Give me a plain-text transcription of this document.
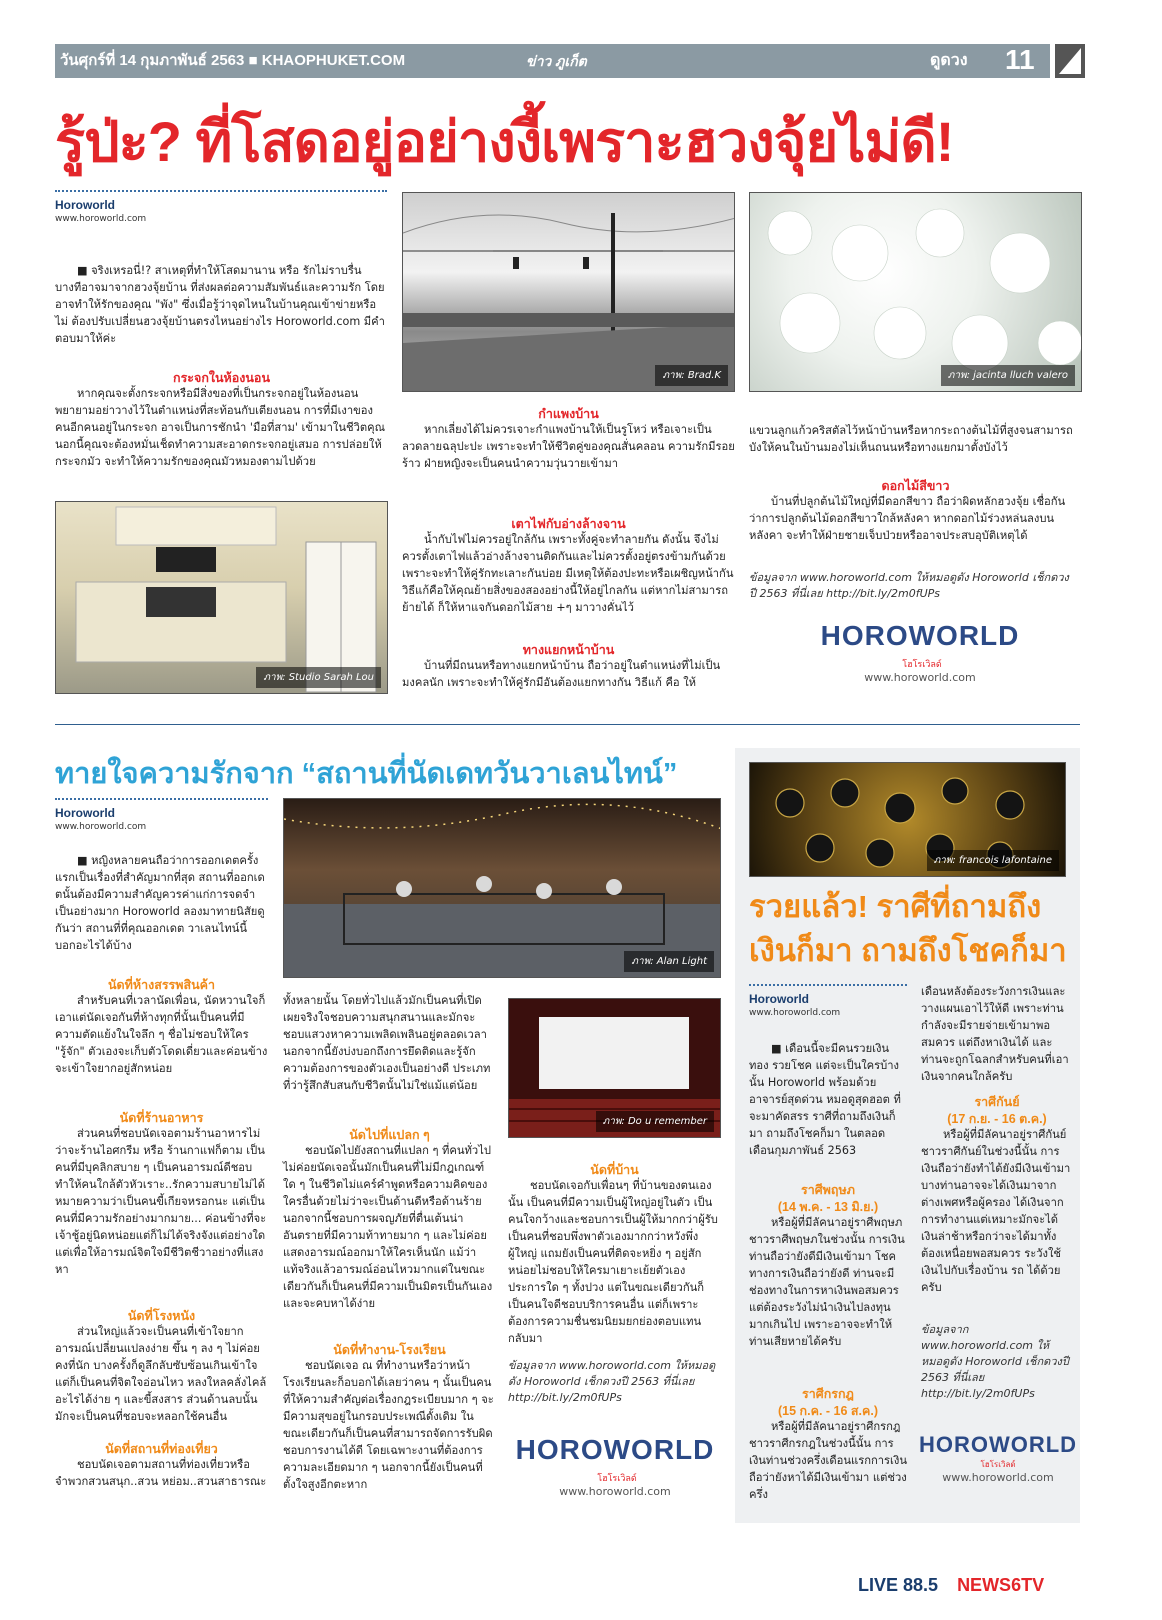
วันศุกร์ที่ 14 กุมภาพันธ์ 2563 ■ KHAOPHUKET.COM	ข่าว ภูเก็ต	ดูดวง 11
รู้ป่ะ? ที่โสดอยู่อย่างงี้เพราะฮวงจุ้ยไม่ดี!
Horoworld
www.horoworld.com
■ จริงเหรอนี่!? สาเหตุที่ทำให้โสดมานาน หรือ รักไม่ราบรื่น บางทีอาจมาจากฮวงจุ้ยบ้าน ที่ส่งผลต่อความสัมพันธ์และความรัก โดยอาจทำให้รักของคุณ "พัง" ซึ่งเมื่อรู้ว่าจุดไหนในบ้านคุณเข้าข่ายหรือไม่ ต้องปรับเปลี่ยนฮวงจุ้ยบ้านตรงไหนอย่างไร Horoworld.com มีคำตอบมาให้ค่ะ
กระจกในห้องนอน
หากคุณจะตั้งกระจกหรือมีสิ่งของที่เป็นกระจกอยู่ในห้องนอน พยายามอย่าวางไว้ในตำแหน่งที่สะท้อนกับเตียงนอน การที่มีเงาของคนอีกคนอยู่ในกระจก อาจเป็นการชักนำ 'มือที่สาม' เข้ามาในชีวิตคุณ นอกนี้คุณจะต้องหมั่นเช็ดทำความสะอาดกระจกอยู่เสมอ การปล่อยให้กระจกมัว จะทำให้ความรักของคุณมัวหมองตามไปด้วย
ภาพ: Studio Sarah Lou
ภาพ: Brad.K
กำแพงบ้าน
หากเลี่ยงได้ไม่ควรเจาะกำแพงบ้านให้เป็นรูโหว่ หรือเจาะเป็นลวดลายฉลุปะปะ เพราะจะทำให้ชีวิตคู่ของคุณสั่นคลอน ความรักมีรอยร้าว ฝ่ายหญิงจะเป็นคนนำความวุ่นวายเข้ามา
เตาไฟกับอ่างล้างจาน
น้ำกับไฟไม่ควรอยู่ใกล้กัน เพราะทั้งคู่จะทำลายกัน ดังนั้น จึงไม่ควรตั้งเตาไฟแล้วอ่างล้างจานติดกันและไม่ควรตั้งอยู่ตรงข้ามกันด้วย เพราะจะทำให้คู่รักทะเลาะกันบ่อย มีเหตุให้ต้องปะทะหรือเผชิญหน้ากัน วิธีแก้คือให้คุณย้ายสิ่งของสองอย่างนี้ให้อยู่ไกลกัน แต่หากไม่สามารถย้ายได้ ก็ให้หาแจกันดอกไม้สาย +ๆ มาวางคั่นไว้
ทางแยกหน้าบ้าน
บ้านที่มีถนนหรือทางแยกหน้าบ้าน ถือว่าอยู่ในตำแหน่งที่ไม่เป็นมงคลนัก เพราะจะทำให้คู่รักมีอันต้องแยกทางกัน วิธีแก้ คือ ให้
ภาพ: jacinta lluch valero
แขวนลูกแก้วคริสตัลไว้หน้าบ้านหรือหากระถางต้นไม้ที่สูงจนสามารถบังให้คนในบ้านมองไม่เห็นถนนหรือทางแยกมาตั้งบังไว้
ดอกไม้สีขาว
บ้านที่ปลูกต้นไม้ใหญ่ที่มีดอกสีขาว ถือว่าผิดหลักฮวงจุ้ย เชื่อกันว่าการปลูกต้นไม้ดอกสีขาวใกล้หลังคา หากดอกไม้ร่วงหล่นลงบนหลังคา จะทำให้ฝ่ายชายเจ็บป่วยหรืออาจประสบอุบัติเหตุได้
ข้อมูลจาก www.horoworld.com ให้หมอดูดัง Horoworld เช็กดวงปี 2563 ที่นี่เลย http://bit.ly/2m0fUPs
HOROWORLD โฮโรเวิลด์
www.horoworld.com
ทายใจความรักจาก “สถานที่นัดเดทวันวาเลนไทน์”
Horoworld
www.horoworld.com
■ หญิงหลายคนถือว่าการออกเดตครั้งแรกเป็นเรื่องที่สำคัญมากที่สุด สถานที่ออกเดตนั้นต้องมีความสำคัญควรค่าแก่การจดจำเป็นอย่างมาก Horoworld ลองมาทายนิสัยดูกันว่า สถานที่ที่คุณออกเดต วาเลนไทน์นี้ บอกอะไรได้บ้าง
ภาพ: Alan Light
นัดที่ห้างสรรพสินค้า
สำหรับคนที่เวลานัดเพื่อน, นัดหวานใจก็เอาแต่นัดเจอกันที่ห้างทุกที่นั้นเป็นคนที่มีความตัดแย้งในใจลึก ๆ ชื่อไม่ชอบให้ใคร "รู้จัก" ตัวเองจะเก็บตัวโดดเดี่ยวและค่อนข้างจะเข้าใจยากอยู่สักหน่อย
นัดที่ร้านอาหาร
ส่วนคนที่ชอบนัดเจอตามร้านอาหารไม่ว่าจะร้านไอศกรีม หรือ ร้านกาแฟก็ตาม เป็นคนที่มีบุคลิกสบาย ๆ เป็นคนอารมณ์ดีชอบทำให้คนใกล้ตัวหัวเราะ..รักความสบายไม่ได้หมายความว่าเป็นคนขี้เกียจหรอกนะ แต่เป็นคนที่มีความรักอย่างมากมาย... ค่อนข้างที่จะเจ้าชู้อยู่นิดหน่อยแต่ก็ไม่ได้จริงจังแต่อย่างใดแต่เพื่อให้อารมณ์จิตใจมีชีวิตชีวาอย่างที่แสงหา
นัดที่โรงหนัง
ส่วนใหญ่แล้วจะเป็นคนที่เข้าใจยาก อารมณ์เปลี่ยนแปลงง่าย ขึ้น ๆ ลง ๆ ไม่ค่อยคงที่นัก บางครั้งก็ดูลึกลับซับซ้อนเกินเข้าใจ แต่ก็เป็นคนที่จิตใจอ่อนไหว หลงใหลคลั่งไคล้อะไรได้ง่าย ๆ และขี้สงสาร ส่วนด้านลบนั้นมักจะเป็นคนที่ชอบจะหลอกใช้คนอื่น
นัดที่สถานที่ท่องเที่ยว
ชอบนัดเจอตามสถานที่ท่องเที่ยวหรือจำพวกสวนสนุก..สวน หย่อม..สวนสาธารณะ
ทั้งหลายนั้น โดยทั่วไปแล้วมักเป็นคนที่เปิดเผยจริงใจชอบความสนุกสนานและมักจะชอบแสวงหาความเพลิดเพลินอยู่ตลอดเวลา นอกจากนี้ยังบ่งบอกถึงการยึดติดและรู้จักความต้องการของตัวเองเป็นอย่างดี ประเภทที่ว่ารู้สึกสับสนกับชีวิตนั้นไม่ใช่แม้แต่น้อย
นัดไปที่แปลก ๆ
ชอบนัดไปยังสถานที่แปลก ๆ ที่คนทั่วไปไม่ค่อยนัดเจอนั้นมักเป็นคนที่ไม่มีกฎเกณฑ์ใด ๆ ในชีวิตไม่แคร์คำพูดหรือความคิดของใครอื่นด้วยไม่ว่าจะเป็นด้านดีหรือด้านร้าย นอกจากนี้ชอบการผจญภัยที่ตื่นเต้นน่าอันตรายที่มีความท้าทายมาก ๆ และไม่ค่อยแสดงอารมณ์ออกมาให้ใครเห็นนัก แม้ว่าแท้จริงแล้วอารมณ์อ่อนไหวมากแต่ในขณะเดียวกันก็เป็นคนที่มีความเป็นมิตรเป็นกันเองและจะคบหาได้ง่าย
นัดที่ทำงาน-โรงเรียน
ชอบนัดเจอ ณ ที่ทำงานหรือว่าหน้าโรงเรียนละก็อบอกได้เลยว่าคน ๆ นั้นเป็นคนที่ให้ความสำคัญต่อเรื่องกฎระเบียบมาก ๆ จะมีความสุขอยู่ในกรอบประเพณีดั้งเดิม ในขณะเดียวกันก็เป็นคนที่สามารถจัดการรับผิดชอบการงานได้ดี โดยเฉพาะงานที่ต้องการความละเอียดมาก ๆ นอกจากนี้ยังเป็นคนที่ตั้งใจสูงอีกตะหาก
ภาพ: Do u remember
นัดที่บ้าน
ชอบนัดเจอกับเพื่อนๆ ที่บ้านของตนเองนั้น เป็นคนที่มีความเป็นผู้ใหญ่อยู่ในตัว เป็นคนใจกว้างและชอบการเป็นผู้ให้มากกว่าผู้รับ เป็นคนที่ชอบพึ่งพาตัวเองมากกว่าหวังพึ่งผู้ใหญ่ แถมยังเป็นคนที่ติดจะหยิ่ง ๆ อยู่สักหน่อยไม่ชอบให้ใครมาเยาะเย้ยตัวเองประการใด ๆ ทั้งปวง แต่ในขณะเดียวกันก็เป็นคนใจดีชอบบริการคนอื่น แต่ก็เพราะต้องการความชื่นชมนิยมยกย่องตอบแทนกลับมา
ข้อมูลจาก www.horoworld.com ให้หมอดูดัง Horoworld เช็กดวงปี 2563 ที่นี่เลย http://bit.ly/2m0fUPs
HOROWORLD โฮโรเวิลด์
www.horoworld.com
ภาพ: francois lafontaine
รวยแล้ว! ราศีที่ถามถึง
เงินก็มา ถามถึงโชคก็มา
Horoworld
www.horoworld.com
■ เดือนนี้จะมีคนรวยเงินทอง รวยโชค แต่จะเป็นใครบ้างนั้น Horoworld พร้อมด้วย อาจารย์สุดด่วน หมอดูสุดฮอต ที่จะมาคัดสรร ราศีที่ถามถึงเงินก็มา ถามถึงโชคก็มา ในตลอดเดือนกุมภาพันธ์ 2563
ราศีพฤษภ
(14 พ.ค. - 13 มิ.ย.)
หรือผู้ที่มีลัคนาอยู่ราศีพฤษภ ชาวราศีพฤษภในช่วงนั้น การเงินท่านถือว่ายังดีมีเงินเข้ามา โชคทางการเงินถือว่ายังดี ท่านจะมีช่องทางในการหาเงินพอสมควร แต่ต้องระวังไม่นำเงินไปลงทุนมากเกินไป เพราะอาจจะทำให้ท่านเสียหายได้ครับ
ราศีกรกฎ
(15 ก.ค. - 16 ส.ค.)
หรือผู้ที่มีลัคนาอยู่ราศีกรกฎ ชาวราศีกรกฎในช่วงนี้นั้น การเงินท่านช่วงครึ่งเดือนแรกการเงินถือว่ายังหาได้มีเงินเข้ามา แต่ช่วงครึ่ง
เดือนหลังต้องระวังการเงินและวางแผนเอาไว้ให้ดี เพราะท่านกำลังจะมีรายจ่ายเข้ามาพอสมควร แต่ถึงหาเงินได้ และท่านจะถูกโฉลกสำหรับคนที่เอาเงินจากคนใกล้ครับ
ราศีกันย์
(17 ก.ย. - 16 ต.ค.)
หรือผู้ที่มีลัคนาอยู่ราศีกันย์ ชาวราศีกันย์ในช่วงนี้นั้น การเงินถือว่ายังทำได้ยังมีเงินเข้ามา บางท่านอาจจะได้เงินมาจากต่างเพศหรือผู้ครอง ได้เงินจากการทำงานแต่เหมาะมักจะได้เงินล่าช้าหรือกว่าจะได้มาทั้งต้องเหนื่อยพอสมควร ระวังใช้เงินไปกับเรื่องบ้าน รถ ได้ด้วยครับ
ข้อมูลจาก www.horoworld.com ให้หมอดูดัง Horoworld เช็กดวงปี 2563 ที่นี่เลย http://bit.ly/2m0fUPs
HOROWORLD
โฮโรเวิลด์
www.horoworld.com
LIVE 88.5 NEWS6TV
